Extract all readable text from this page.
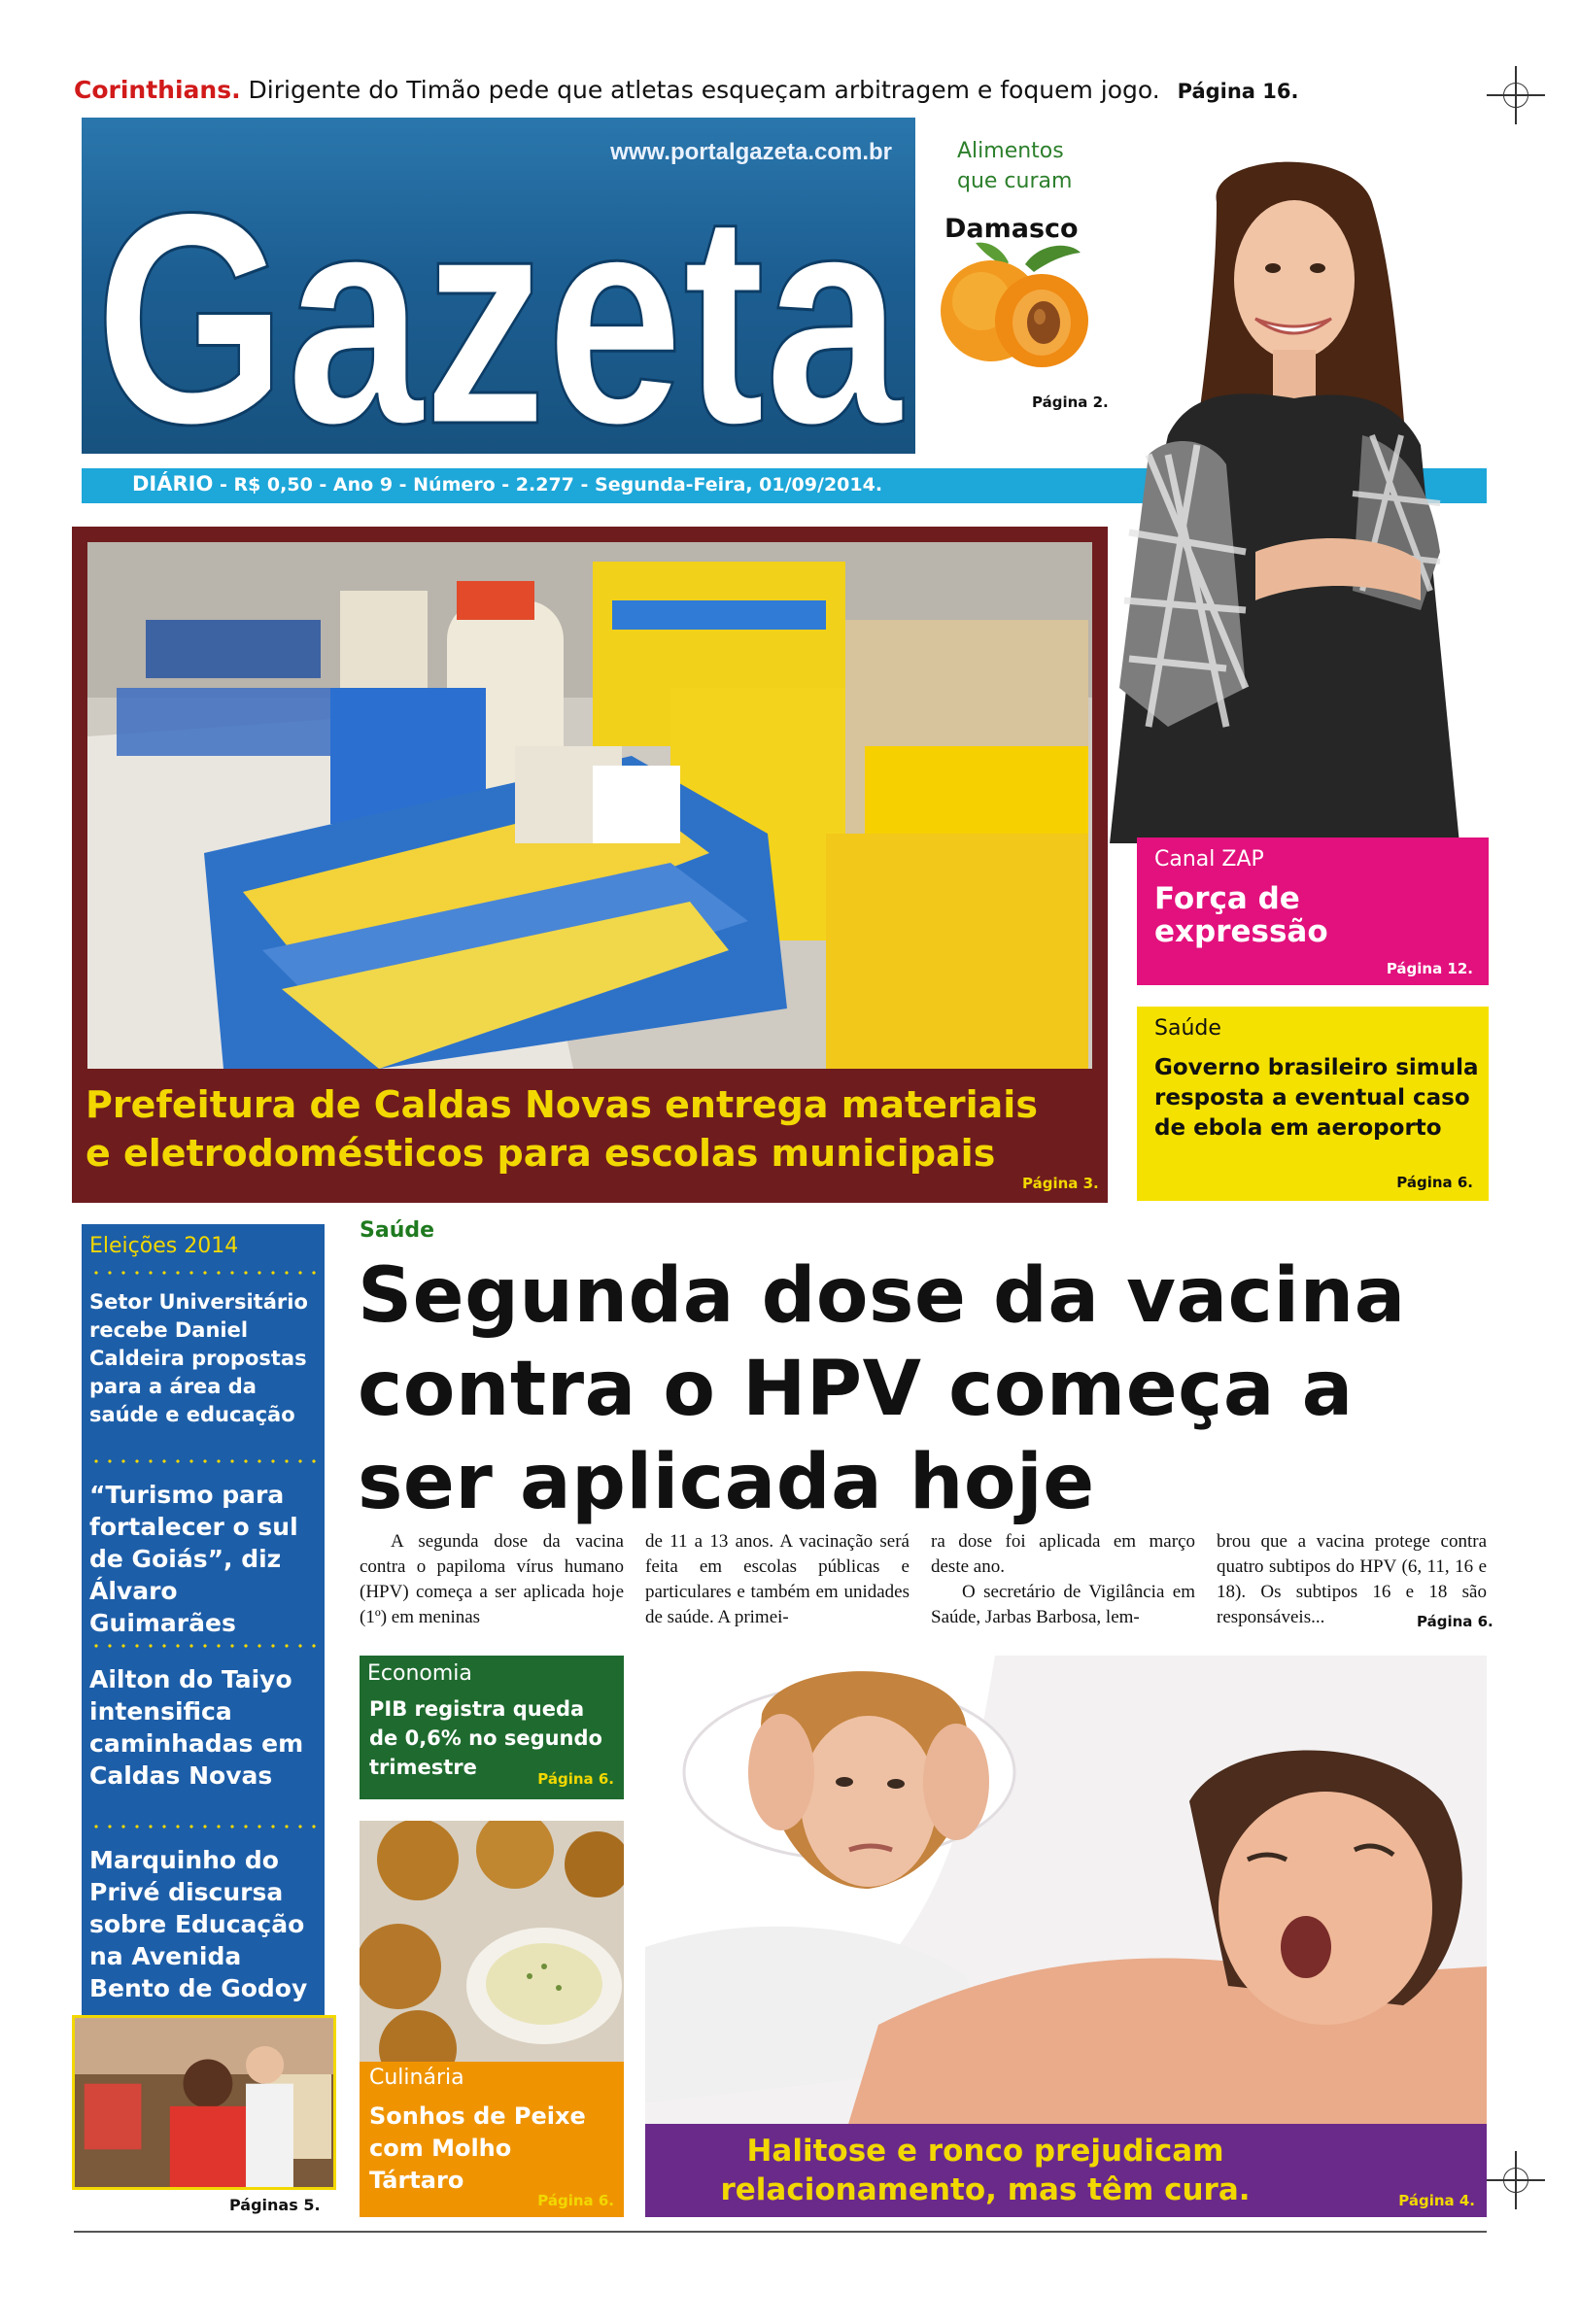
Corinthians. Dirigente do Timão pede que atletas esqueçam arbitragem e foquem jogo. Página 16.
Gazeta
www.portalgazeta.com.br
DIÁRIO - R$ 0,50 - Ano 9 - Número - 2.277 - Segunda-Feira, 01/09/2014.
Alimentos que curam
Damasco
Página 2.
Prefeitura de Caldas Novas entrega materiais e eletrodomésticos para escolas municipais
Página 3.
Canal ZAP
Força de expressão
Página 12.
Saúde
Governo brasileiro simula resposta a eventual caso de ebola em aeroporto
Página 6.
Eleições 2014
Setor Universitário recebe Daniel Caldeira propostas para a área da saúde e educação
“Turismo para fortalecer o sul de Goiás”, diz Álvaro Guimarães
Ailton do Taiyo intensifica caminhadas em Caldas Novas
Marquinho do Privé discursa sobre Educação na Avenida Bento de Godoy
Páginas 5.
Saúde
Segunda dose da vacina contra o HPV começa a ser aplicada hoje

A segunda dose da vacina contra o papiloma vírus humano (HPV) começa a ser aplicada hoje (1º) em meninas

de 11 a 13 anos. A vacinação será feita em escolas públicas e particulares e também em unidades de saúde. A primei-

ra dose foi aplicada em março deste ano.

O secretário de Vigilância em Saúde, Jarbas Barbosa, lem-

brou que a vacina protege contra quatro subtipos do HPV (6, 11, 16 e 18). Os subtipos 16 e 18 são responsáveis...	Página 6.
Economia
PIB registra queda de 0,6% no segundo trimestre	Página 6.
Culinária
Sonhos de Peixe com Molho Tártaro
Página 6.
Halitose e ronco prejudicam relacionamento, mas têm cura.	Página 4.
